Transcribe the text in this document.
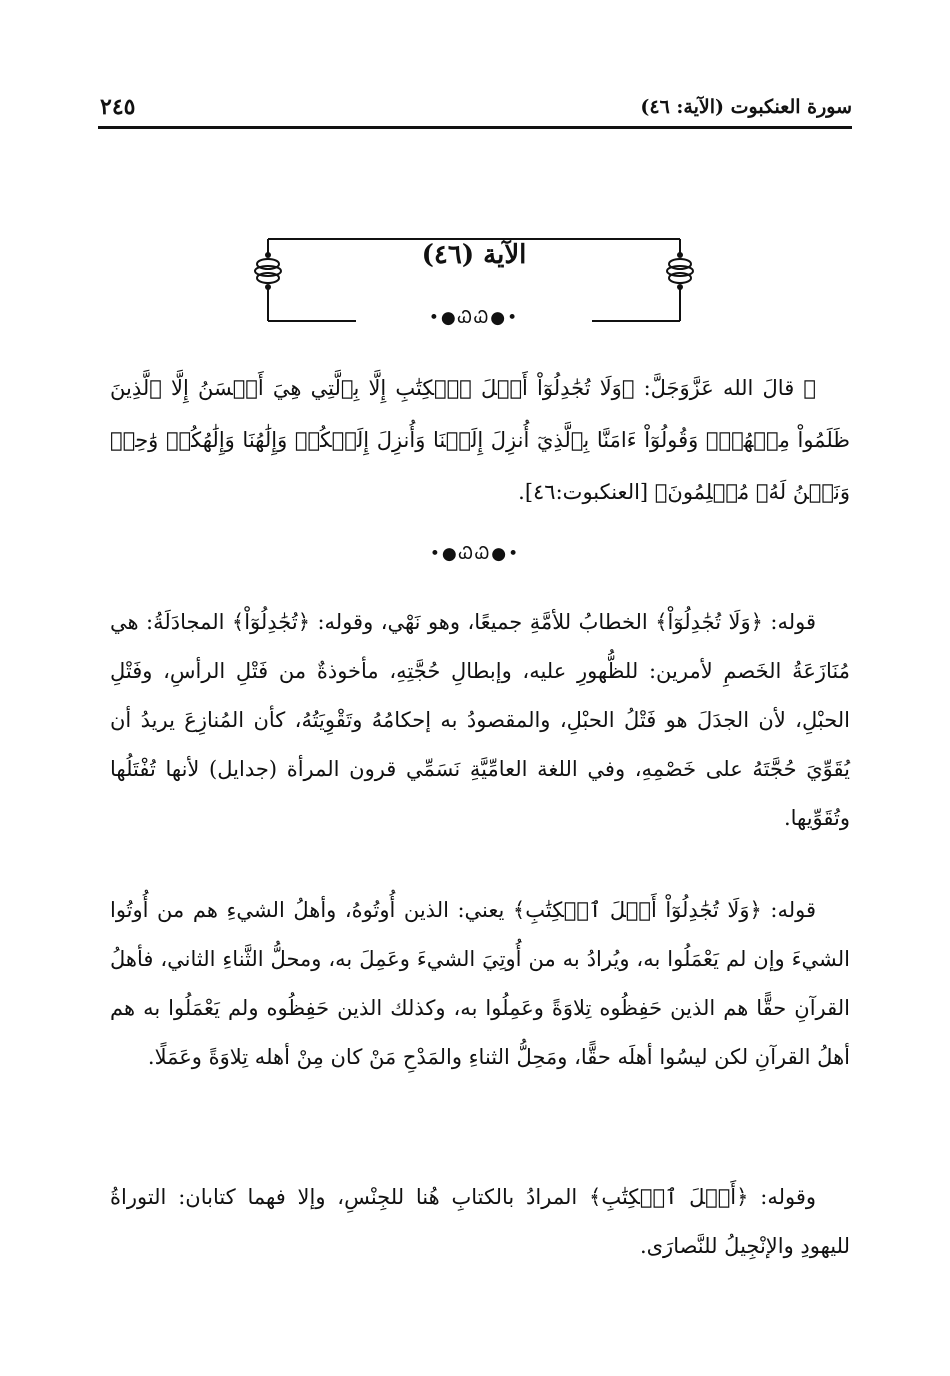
سورة العنكبوت (الآية: ٤٦)
٢٤٥
الآية (٤٦)
•●ᏇᏇ●•

۞ قالَ الله عَزَّوَجَلَّ: ﴿وَلَا تُجَٰدِلُوٓاْ أَهۡلَ ٱلۡكِتَٰبِ إِلَّا بِٱلَّتِي هِيَ أَحۡسَنُ إِلَّا ٱلَّذِينَ ظَلَمُواْ مِنۡهُمۡۖ وَقُولُوٓاْ ءَامَنَّا بِٱلَّذِيٓ أُنزِلَ إِلَيۡنَا وَأُنزِلَ إِلَيۡكُمۡ وَإِلَٰهُنَا وَإِلَٰهُكُمۡ وَٰحِدٞ وَنَحۡنُ لَهُۥ مُسۡلِمُونَ﴾ [العنكبوت:٤٦].

•●ᏇᏇ●•

قوله: ﴿وَلَا تُجَٰدِلُوٓاْ﴾ الخطابُ للأمَّةِ جميعًا، وهو نَهْي، وقوله: ﴿تُجَٰدِلُوٓاْ﴾ المجادَلَةُ: هي مُنَازَعَةُ الخَصمِ لأمرين: للظُّهورِ عليه، وإبطالِ حُجَّتِهِ، مأخوذةٌ من فَتْلِ الرأسِ، وفَتْلِ الحبْلِ، لأن الجدَلَ هو فَتْلُ الحبْلِ، والمقصودُ به إحكامُهُ وتَقْوِيَتُهُ، كأن المُنازِعَ يريدُ أن يُقَوِّيَ حُجَّتَهُ على خَصْمِهِ، وفي اللغة العامِّيَّةِ نَسَمِّي قرون المرأة (جدايل) لأنها تُفْتَلُها وتُقَوِّيها.

قوله: ﴿وَلَا تُجَٰدِلُوٓاْ أَهۡلَ ٱلۡكِتَٰبِ﴾ يعني: الذين أُوتُوهُ، وأهلُ الشيءِ هم من أُوتُوا الشيءَ وإن لم يَعْمَلُوا به، ويُرادُ به من أُوتِيَ الشيءَ وعَمِلَ به، ومحلُّ الثَّناءِ الثاني، فأهلُ القرآنِ حقًّا هم الذين حَفِظُوه تِلاوَةً وعَمِلُوا به، وكذلك الذين حَفِظُوه ولم يَعْمَلُوا به هم أهلُ القرآنِ لكن ليسُوا أهلَه حقًّا، ومَحِلُّ الثناءِ والمَدْحِ مَنْ كان مِنْ أهله تِلاوَةً وعَمَلًا.

وقوله: ﴿أَهۡلَ ٱلۡكِتَٰبِ﴾ المرادُ بالكتابِ هُنا للجِنْسِ، وإلا فهما كتابان: التوراةُ لليهودِ والإنْجِيلُ للنَّصارَى.
